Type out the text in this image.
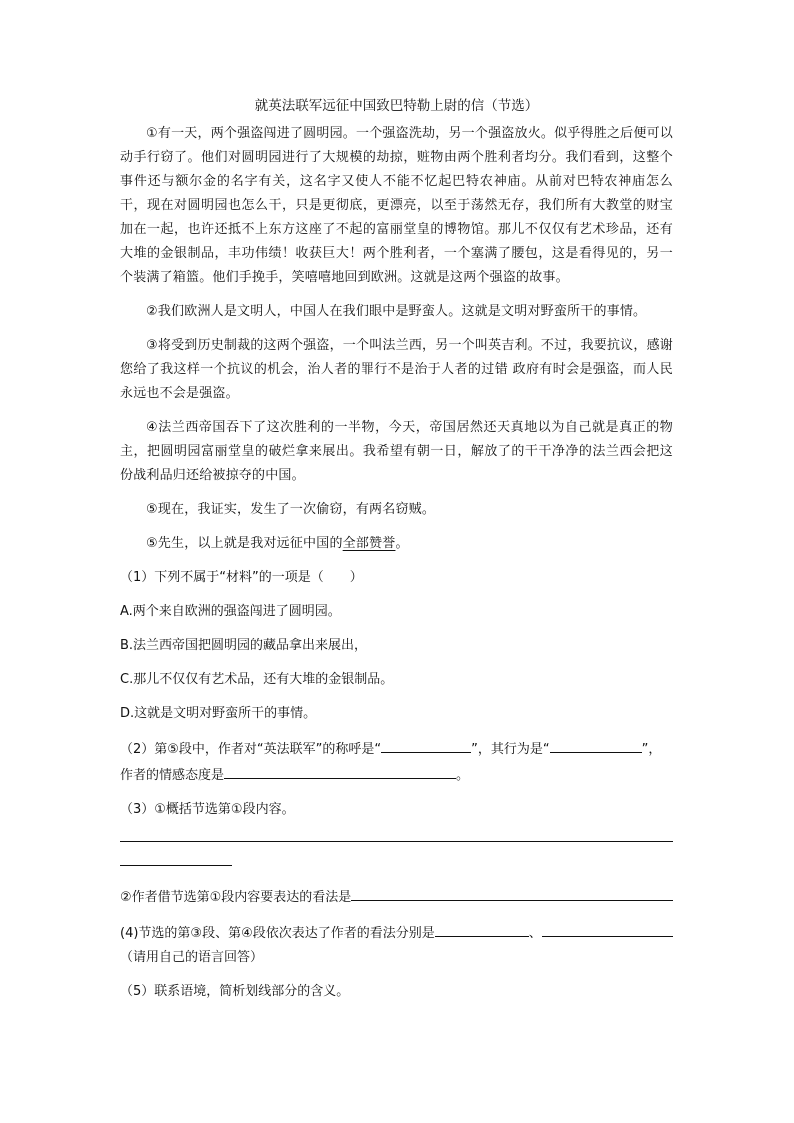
就英法联军远征中国致巴特勒上尉的信（节选）

①有一天，两个强盗闯进了圆明园。一个强盗洗劫，另一个强盗放火。似乎得胜之后便可以动手行窃了。他们对圆明园进行了大规模的劫掠，赃物由两个胜利者均分。我们看到，这整个事件还与额尔金的名字有关，这名字又使人不能不忆起巴特农神庙。从前对巴特农神庙怎么干，现在对圆明园也怎么干，只是更彻底，更漂亮，以至于荡然无存，我们所有大教堂的财宝加在一起，也许还抵不上东方这座了不起的富丽堂皇的博物馆。那儿不仅仅有艺术珍品，还有大堆的金银制品，丰功伟绩！收获巨大！两个胜利者，一个塞满了腰包，这是看得见的，另一个装满了箱篮。他们手挽手，笑嘻嘻地回到欧洲。这就是这两个强盗的故事。

②我们欧洲人是文明人，中国人在我们眼中是野蛮人。这就是文明对野蛮所干的事情。

③将受到历史制裁的这两个强盗，一个叫法兰西，另一个叫英吉利。不过，我要抗议，感谢您给了我这样一个抗议的机会，治人者的罪行不是治于人者的过错 政府有时会是强盗，而人民永远也不会是强盗。

④法兰西帝国吞下了这次胜利的一半物，今天，帝国居然还天真地以为自己就是真正的物主，把圆明园富丽堂皇的破烂拿来展出。我希望有朝一日，解放了的干干净净的法兰西会把这份战利品归还给被掠夺的中国。

⑤现在，我证实，发生了一次偷窃，有两名窃贼。

⑤先生，以上就是我对远征中国的全部赞誉。

（1）下列不属于“材料”的一项是（　　）
A.两个来自欧洲的强盗闯进了圆明园。
B.法兰西帝国把圆明园的藏品拿出来展出，
C.那儿不仅仅有艺术品，还有大堆的金银制品。
D.这就是文明对野蛮所干的事情。
（2）第⑤段中，作者对“英法联军”的称呼是“	”，其行为是“	”，
作者的情感态度是	。
（3）①概括节选第①段内容。
②作者借节选第①段内容要表达的看法是
(4)节选的第③段、第④段依次表达了作者的看法分别是	、
（请用自己的语言回答）
（5）联系语境，简析划线部分的含义。
